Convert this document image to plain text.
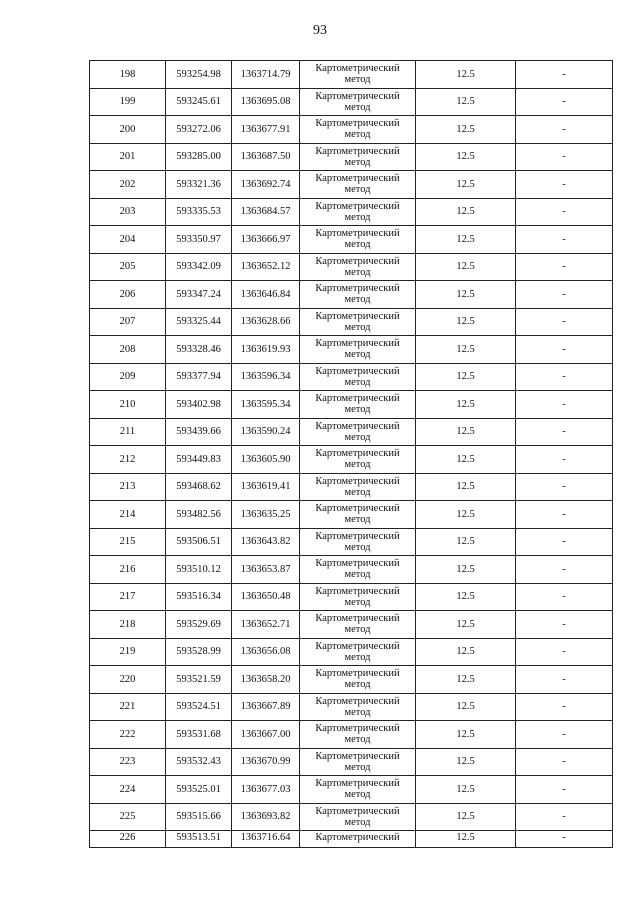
93
198	593254.98	1363714.79	Картометрический
метод	12.5	-
199	593245.61	1363695.08	Картометрический
метод	12.5	-
200	593272.06	1363677.91	Картометрический
метод	12.5	-
201	593285.00	1363687.50	Картометрический
метод	12.5	-
202	593321.36	1363692.74	Картометрический
метод	12.5	-
203	593335.53	1363684.57	Картометрический
метод	12.5	-
204	593350.97	1363666.97	Картометрический
метод	12.5	-
205	593342.09	1363652.12	Картометрический
метод	12.5	-
206	593347.24	1363646.84	Картометрический
метод	12.5	-
207	593325.44	1363628.66	Картометрический
метод	12.5	-
208	593328.46	1363619.93	Картометрический
метод	12.5	-
209	593377.94	1363596.34	Картометрический
метод	12.5	-
210	593402.98	1363595.34	Картометрический
метод	12.5	-
211	593439.66	1363590.24	Картометрический
метод	12.5	-
212	593449.83	1363605.90	Картометрический
метод	12.5	-
213	593468.62	1363619.41	Картометрический
метод	12.5	-
214	593482.56	1363635.25	Картометрический
метод	12.5	-
215	593506.51	1363643.82	Картометрический
метод	12.5	-
216	593510.12	1363653.87	Картометрический
метод	12.5	-
217	593516.34	1363650.48	Картометрический
метод	12.5	-
218	593529.69	1363652.71	Картометрический
метод	12.5	-
219	593528.99	1363656.08	Картометрический
метод	12.5	-
220	593521.59	1363658.20	Картометрический
метод	12.5	-
221	593524.51	1363667.89	Картометрический
метод	12.5	-
222	593531.68	1363667.00	Картометрический
метод	12.5	-
223	593532.43	1363670.99	Картометрический
метод	12.5	-
224	593525.01	1363677.03	Картометрический
метод	12.5	-
225	593515.66	1363693.82	Картометрический
метод	12.5	-
226	593513.51	1363716.64	Картометрический	12.5	-
